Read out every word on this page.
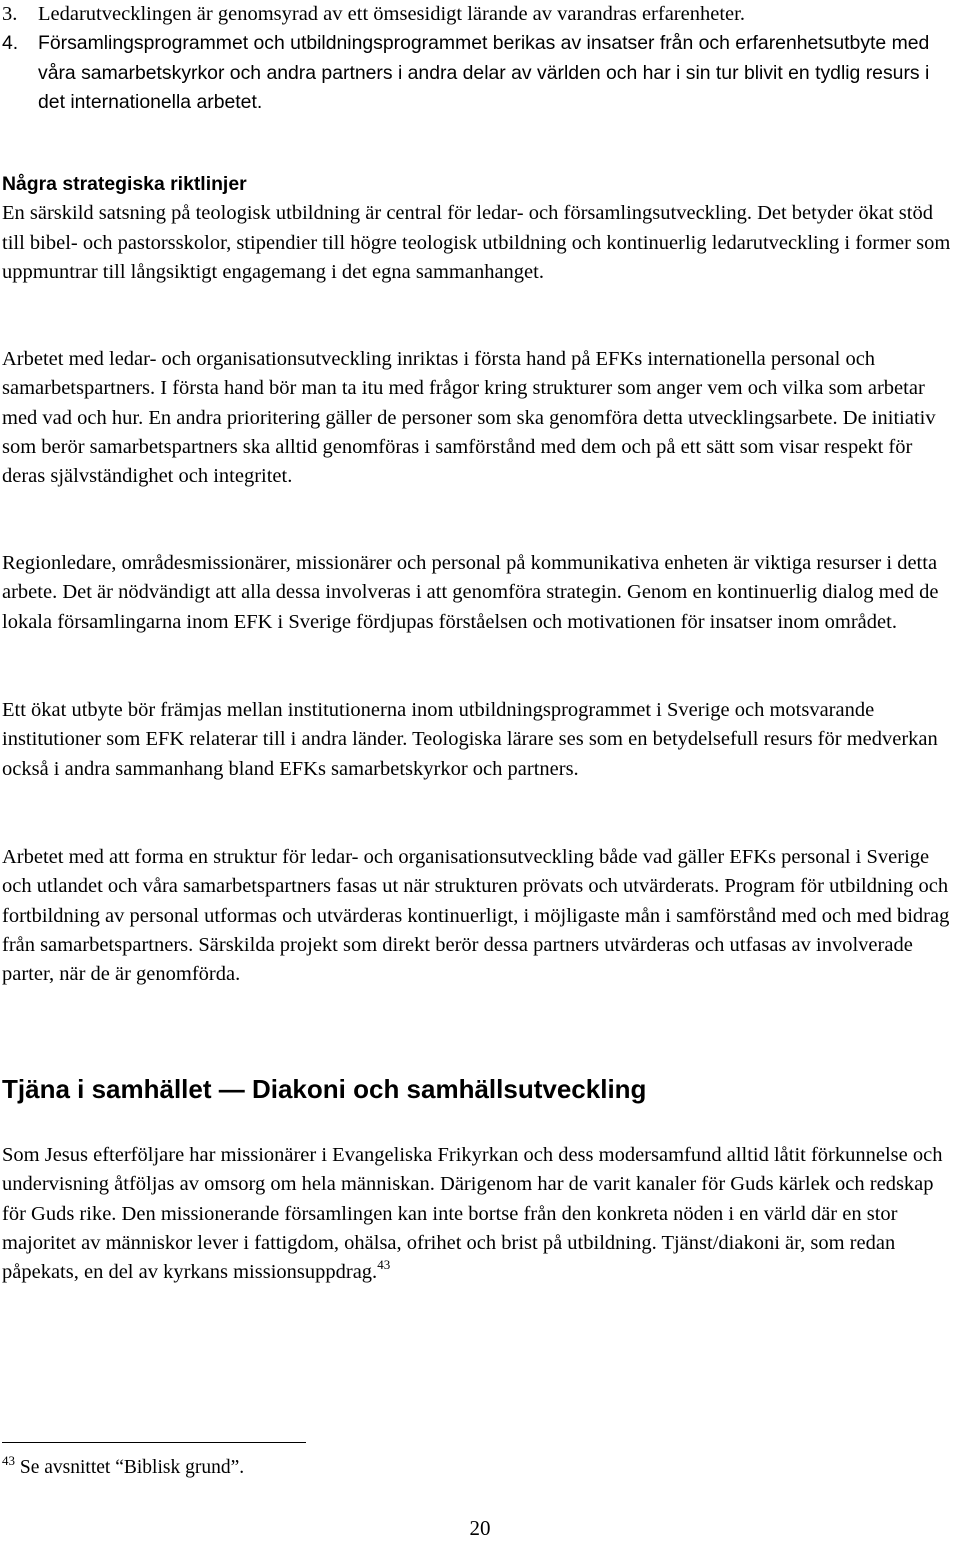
3.	Ledarutvecklingen är genomsyrad av ett ömsesidigt lärande av varandras erfarenheter.
4.	Församlingsprogrammet och utbildningsprogrammet berikas av insatser från och erfarenhetsutbyte med våra samarbetskyrkor och andra partners i andra delar av världen och har i sin tur blivit en tydlig resurs i det internationella arbetet.
Några strategiska riktlinjer
En särskild satsning på teologisk utbildning är central för ledar- och församlingsutveckling. Det betyder ökat stöd till bibel- och pastorsskolor, stipendier till högre teologisk utbildning och kontinuerlig ledarutveckling i former som uppmuntrar till långsiktigt engagemang i det egna sammanhanget.

Arbetet med ledar- och organisationsutveckling inriktas i första hand på EFKs internationella personal och samarbetspartners. I första hand bör man ta itu med frågor kring strukturer som anger vem och vilka som arbetar med vad och hur. En andra prioritering gäller de personer som ska genomföra detta utvecklingsarbete. De initiativ som berör samarbetspartners ska alltid genomföras i samförstånd med dem och på ett sätt som visar respekt för deras självständighet och integritet.

Regionledare, områdesmissionärer, missionärer och personal på kommunikativa enheten är viktiga resurser i detta arbete. Det är nödvändigt att alla dessa involveras i att genomföra strategin. Genom en kontinuerlig dialog med de lokala församlingarna inom EFK i Sverige fördjupas förståelsen och motivationen för insatser inom området.

Ett ökat utbyte bör främjas mellan institutionerna inom utbildningsprogrammet i Sverige och motsvarande institutioner som EFK relaterar till i andra länder. Teologiska lärare ses som en betydelsefull resurs för medverkan också i andra sammanhang bland EFKs samarbetskyrkor och partners.

Arbetet med att forma en struktur för ledar- och organisationsutveckling både vad gäller EFKs personal i Sverige och utlandet och våra samarbetspartners fasas ut när strukturen prövats och utvärderats. Program för utbildning och fortbildning av personal utformas och utvärderas kontinuerligt, i möjligaste mån i samförstånd med och med bidrag från samarbetspartners. Särskilda projekt som direkt berör dessa partners utvärderas och utfasas av involverade parter, när de är genomförda.

Tjäna i samhället — Diakoni och samhällsutveckling

Som Jesus efterföljare har missionärer i Evangeliska Frikyrkan och dess modersamfund alltid låtit förkunnelse och undervisning åtföljas av omsorg om hela människan. Därigenom har de varit kanaler för Guds kärlek och redskap för Guds rike. Den missionerande församlingen kan inte bortse från den konkreta nöden i en värld där en stor majoritet av människor lever i fattigdom, ohälsa, ofrihet och brist på utbildning. Tjänst/diakoni är, som redan påpekats, en del av kyrkans missionsuppdrag.$^{43}$

$^{43}$ Se avsnittet “Biblisk grund”.
20
